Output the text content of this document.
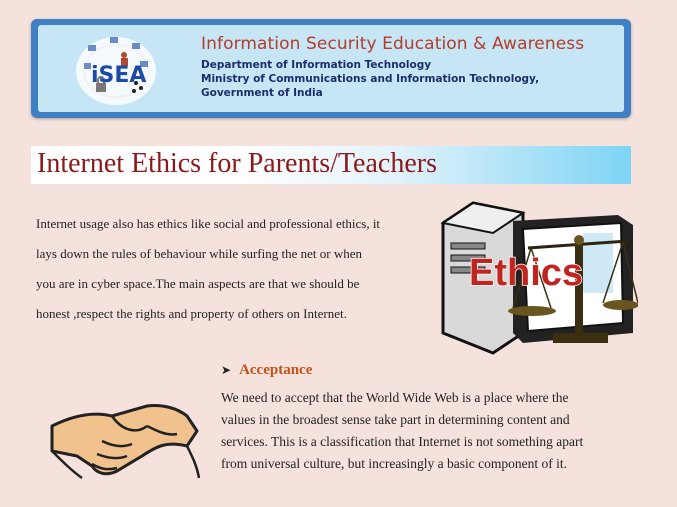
iSEA
Information Security Education & Awareness
Department of Information Technology
Ministry of Communications and Information Technology,
Government of India
Internet Ethics for Parents/Teachers
Internet usage also has ethics like social and professional ethics, it
lays down the rules of behaviour while surfing the net or when
you are in cyber space.The main aspects are that we should be
honest ,respect the rights and property of others on Internet.
Ethics
➤ Acceptance
We need to accept that the World Wide Web is a place where the
values in the broadest sense take part in determining content and
services. This is a classification that Internet is not something apart
from universal culture, but increasingly a basic component of it.
